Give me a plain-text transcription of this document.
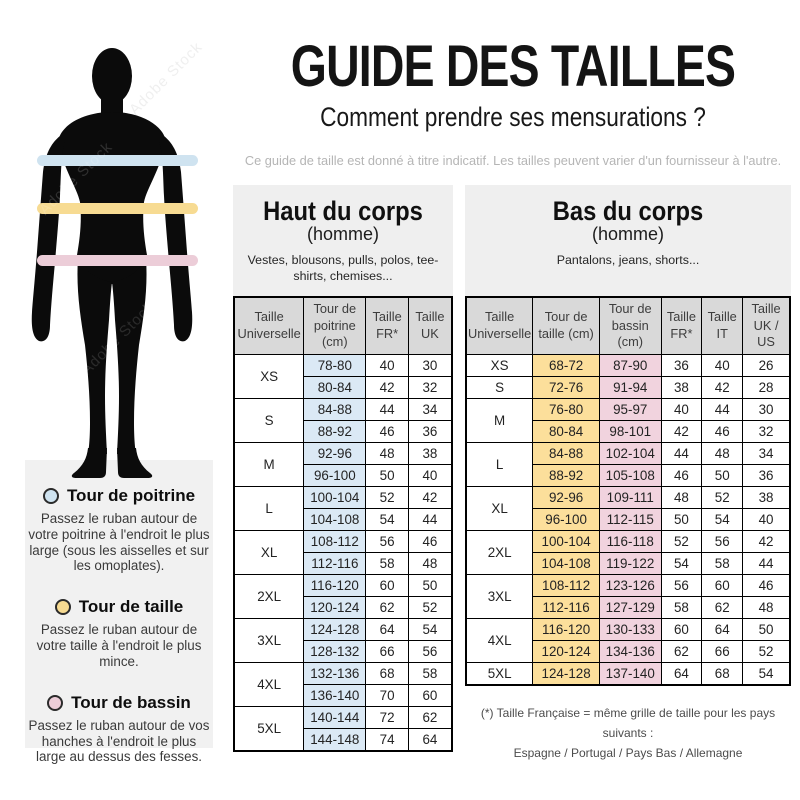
Tour de poitrine
Passez le ruban autour de votre poitrine à l'endroit le plus large (sous les aisselles et sur les omoplates).
Tour de taille
Passez le ruban autour de votre taille à l'endroit le plus mince.
Tour de bassin
Passez le ruban autour de vos hanches à l'endroit le plus large au dessus des fesses.
Adobe Stock GUIDE DES TAILLES
Comment prendre ses mensurations ?
Ce guide de taille est donné à titre indicatif. Les tailles peuvent varier d'un fournisseur à l'autre.
Haut du corps
(homme)
Vestes, blousons, pulls, polos, tee-shirts, chemises...
Taille Universelle	Tour de poitrine (cm)	Taille FR*	Taille UK
XS	78-80	40	30
	80-84	42	32
S	84-88	44	34
	88-92	46	36
M	92-96	48	38
	96-100	50	40
L	100-104	52	42
	104-108	54	44
XL	108-112	56	46
	112-116	58	48
2XL	116-120	60	50
	120-124	62	52
3XL	124-128	64	54
	128-132	66	56
4XL	132-136	68	58
	136-140	70	60
5XL	140-144	72	62
	144-148	74	64
Bas du corps
(homme)
Pantalons, jeans, shorts...
Taille Universelle	Tour de taille (cm)	Tour de bassin (cm)	Taille FR*	Taille IT	Taille UK / US
XS	68-72	87-90	36	40	26
S	72-76	91-94	38	42	28
M	76-80	95-97	40	44	30
	80-84	98-101	42	46	32
L	84-88	102-104	44	48	34
	88-92	105-108	46	50	36
XL	92-96	109-111	48	52	38
	96-100	112-115	50	54	40
2XL	100-104	116-118	52	56	42
	104-108	119-122	54	58	44
3XL	108-112	123-126	56	60	46
	112-116	127-129	58	62	48
4XL	116-120	130-133	60	64	50
	120-124	134-136	62	66	52
5XL	124-128	137-140	64	68	54
(*) Taille Française = même grille de taille pour les pays suivants :
Espagne / Portugal / Pays Bas / Allemagne
